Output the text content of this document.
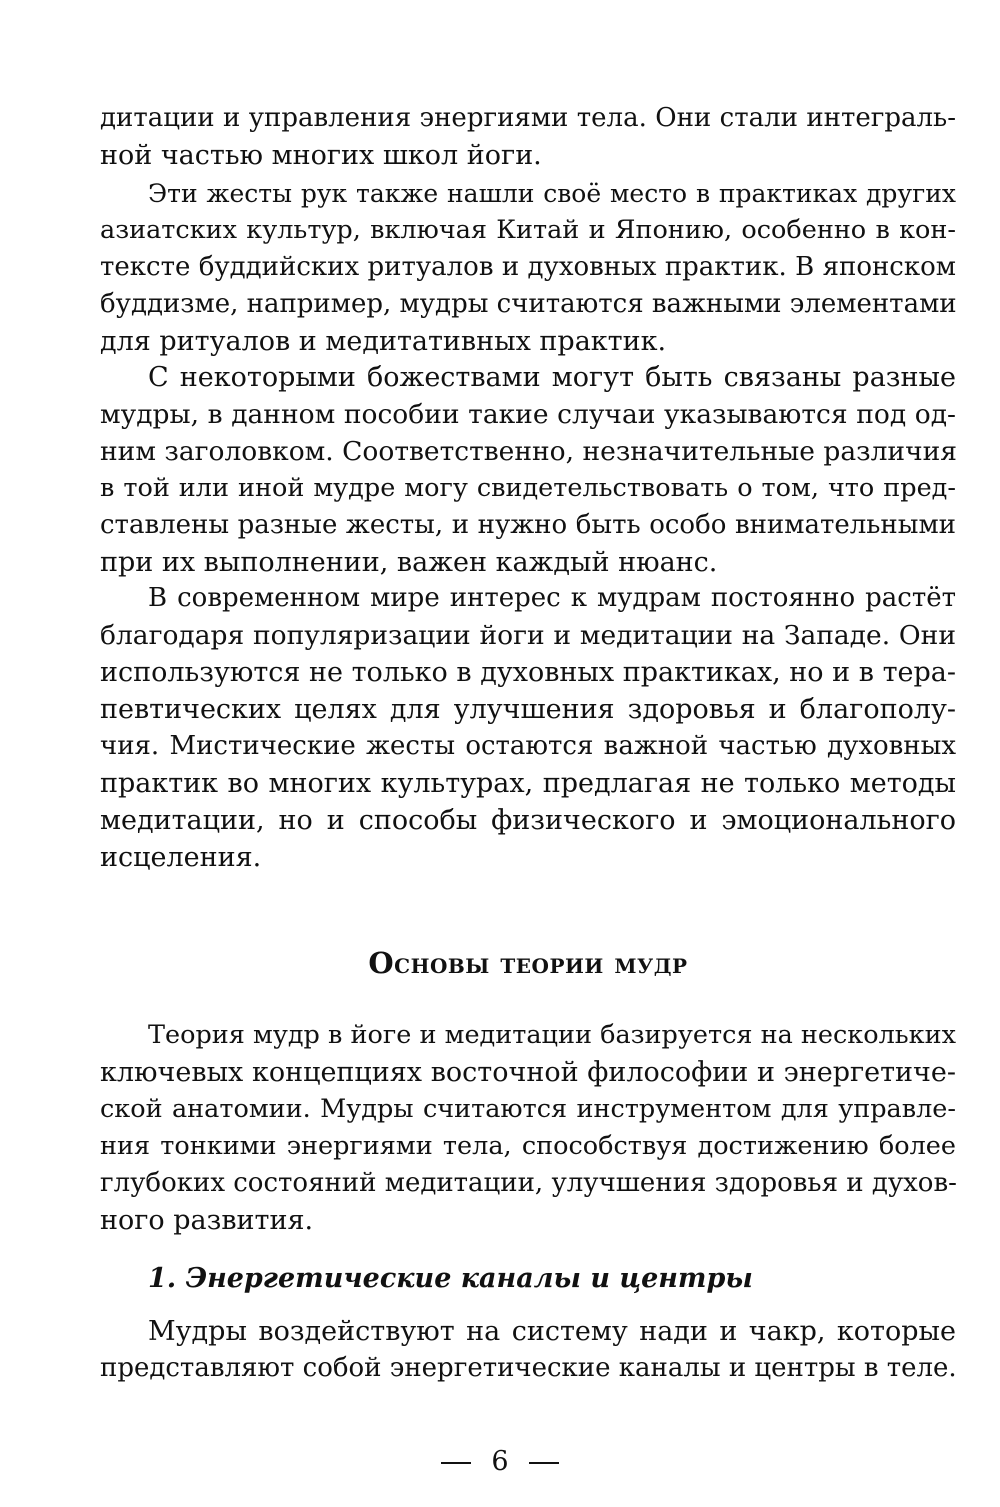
дитации и управления энергиями тела. Они стали интеграль-
ной частью многих школ йоги.
Эти жесты рук также нашли своё место в практиках других
азиатских культур, включая Китай и Японию, особенно в кон-
тексте буддийских ритуалов и духовных практик. В японском
буддизме, например, мудры считаются важными элементами
для ритуалов и медитативных практик.
С некоторыми божествами могут быть связаны разные
мудры, в данном пособии такие случаи указываются под од-
ним заголовком. Соответственно, незначительные различия
в той или иной мудре могу свидетельствовать о том, что пред-
ставлены разные жесты, и нужно быть особо внимательными
при их выполнении, важен каждый нюанс.
В современном мире интерес к мудрам постоянно растёт
благодаря популяризации йоги и медитации на Западе. Они
используются не только в духовных практиках, но и в тера-
певтических целях для улучшения здоровья и благополу-
чия. Мистические жесты остаются важной частью духовных
практик во многих культурах, предлагая не только методы
медитации, но и способы физического и эмоционального
исцеления.
Основы теории мудр
Теория мудр в йоге и медитации базируется на нескольких
ключевых концепциях восточной философии и энергетиче-
ской анатомии. Мудры считаются инструментом для управле-
ния тонкими энергиями тела, способствуя достижению более
глубоких состояний медитации, улучшения здоровья и духов-
ного развития.
1. Энергетические каналы и центры
Мудры воздействуют на систему нади и чакр, которые
представляют собой энергетические каналы и центры в теле.
6
